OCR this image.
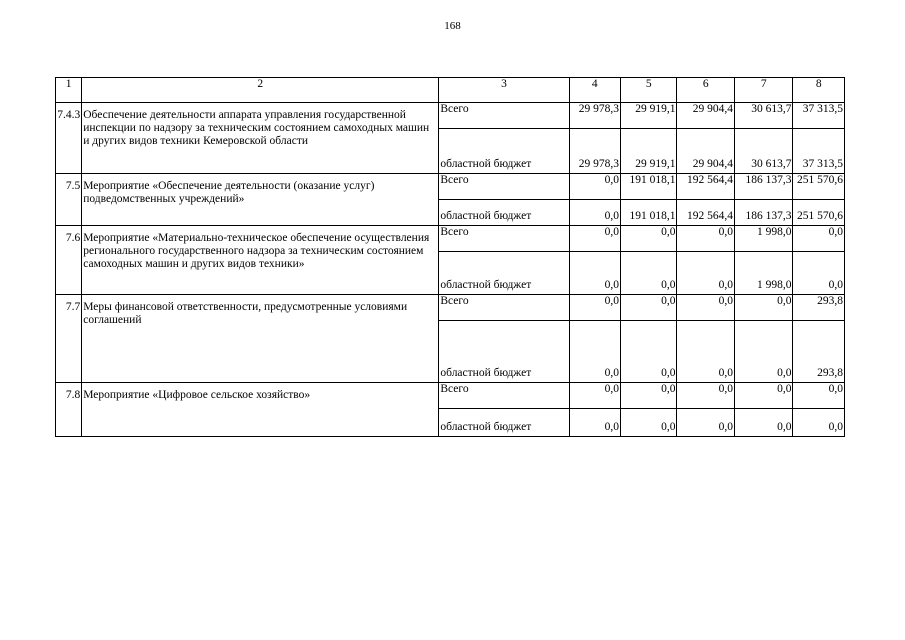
168
1	2	3	4	5	6	7	8
7.4.3	Обеспечение деятельности аппарата управления государственной инспекции по надзору за техническим состоянием самоходных машин и других видов техники Кемеровской области	Всего	29 978,3	29 919,1	29 904,4	30 613,7	37 313,5
		областной бюджет	29 978,3	29 919,1	29 904,4	30 613,7	37 313,5
7.5	Мероприятие «Обеспечение деятельности (оказание услуг) подведомственных учреждений»	Всего	0,0	191 018,1	192 564,4	186 137,3	251 570,6
		областной бюджет	0,0	191 018,1	192 564,4	186 137,3	251 570,6
7.6	Мероприятие «Материально-техническое обеспечение осуществления регионального государственного надзора за техническим состоянием самоходных машин и других видов техники»	Всего	0,0	0,0	0,0	1 998,0	0,0
		областной бюджет	0,0	0,0	0,0	1 998,0	0,0
7.7	Меры финансовой ответственности, предусмотренные условиями соглашений	Всего	0,0	0,0	0,0	0,0	293,8
		областной бюджет	0,0	0,0	0,0	0,0	293,8
7.8	Мероприятие «Цифровое сельское хозяйство»	Всего	0,0	0,0	0,0	0,0	0,0
		областной бюджет	0,0	0,0	0,0	0,0	0,0
